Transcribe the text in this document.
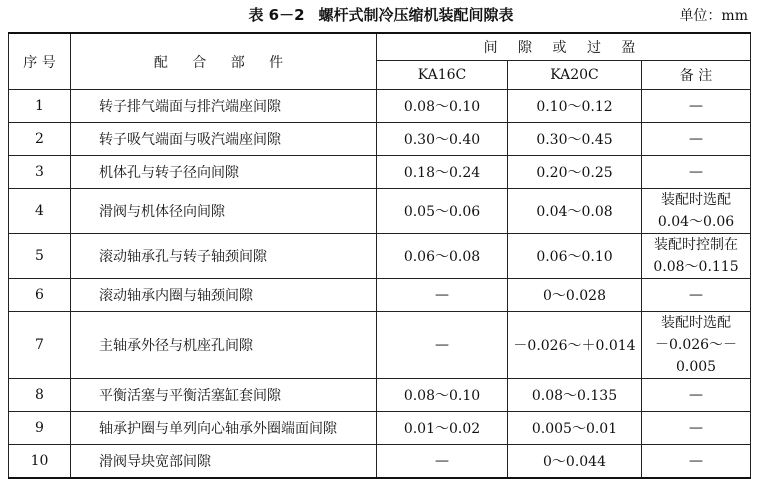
表 6－2 螺杆式制冷压缩机装配间隙表	单位：mm
序 号	配 合 部 件	间 隙 或 过 盈		
		KA16C	KA20C	备 注
1	转子排气端面与排汽端座间隙	0.08～0.10	0.10～0.12	—

2	转子吸气端面与吸汽端座间隙	0.30～0.40	0.30～0.45	—

3	机体孔与转子径向间隙	0.18～0.24	0.20～0.25	—

4	滑阀与机体径向间隙	0.05～0.06	0.04～0.08	装配时选配
0.04～0.06

5	滚动轴承孔与转子轴颈间隙	0.06～0.08	0.06～0.10	装配时控制在
0.08～0.115

6	滚动轴承内圈与轴颈间隙	—	0～0.028	—

7	主轴承外径与机座孔间隙	—	－0.026～＋0.014	装配时选配
－0.026～－0.005

8	平衡活塞与平衡活塞缸套间隙	0.08～0.10	0.08～0.135	—

9	轴承护圈与单列向心轴承外圈端面间隙	0.01～0.02	0.005～0.01	—

10	滑阀导块宽部间隙	—	0～0.044	—
